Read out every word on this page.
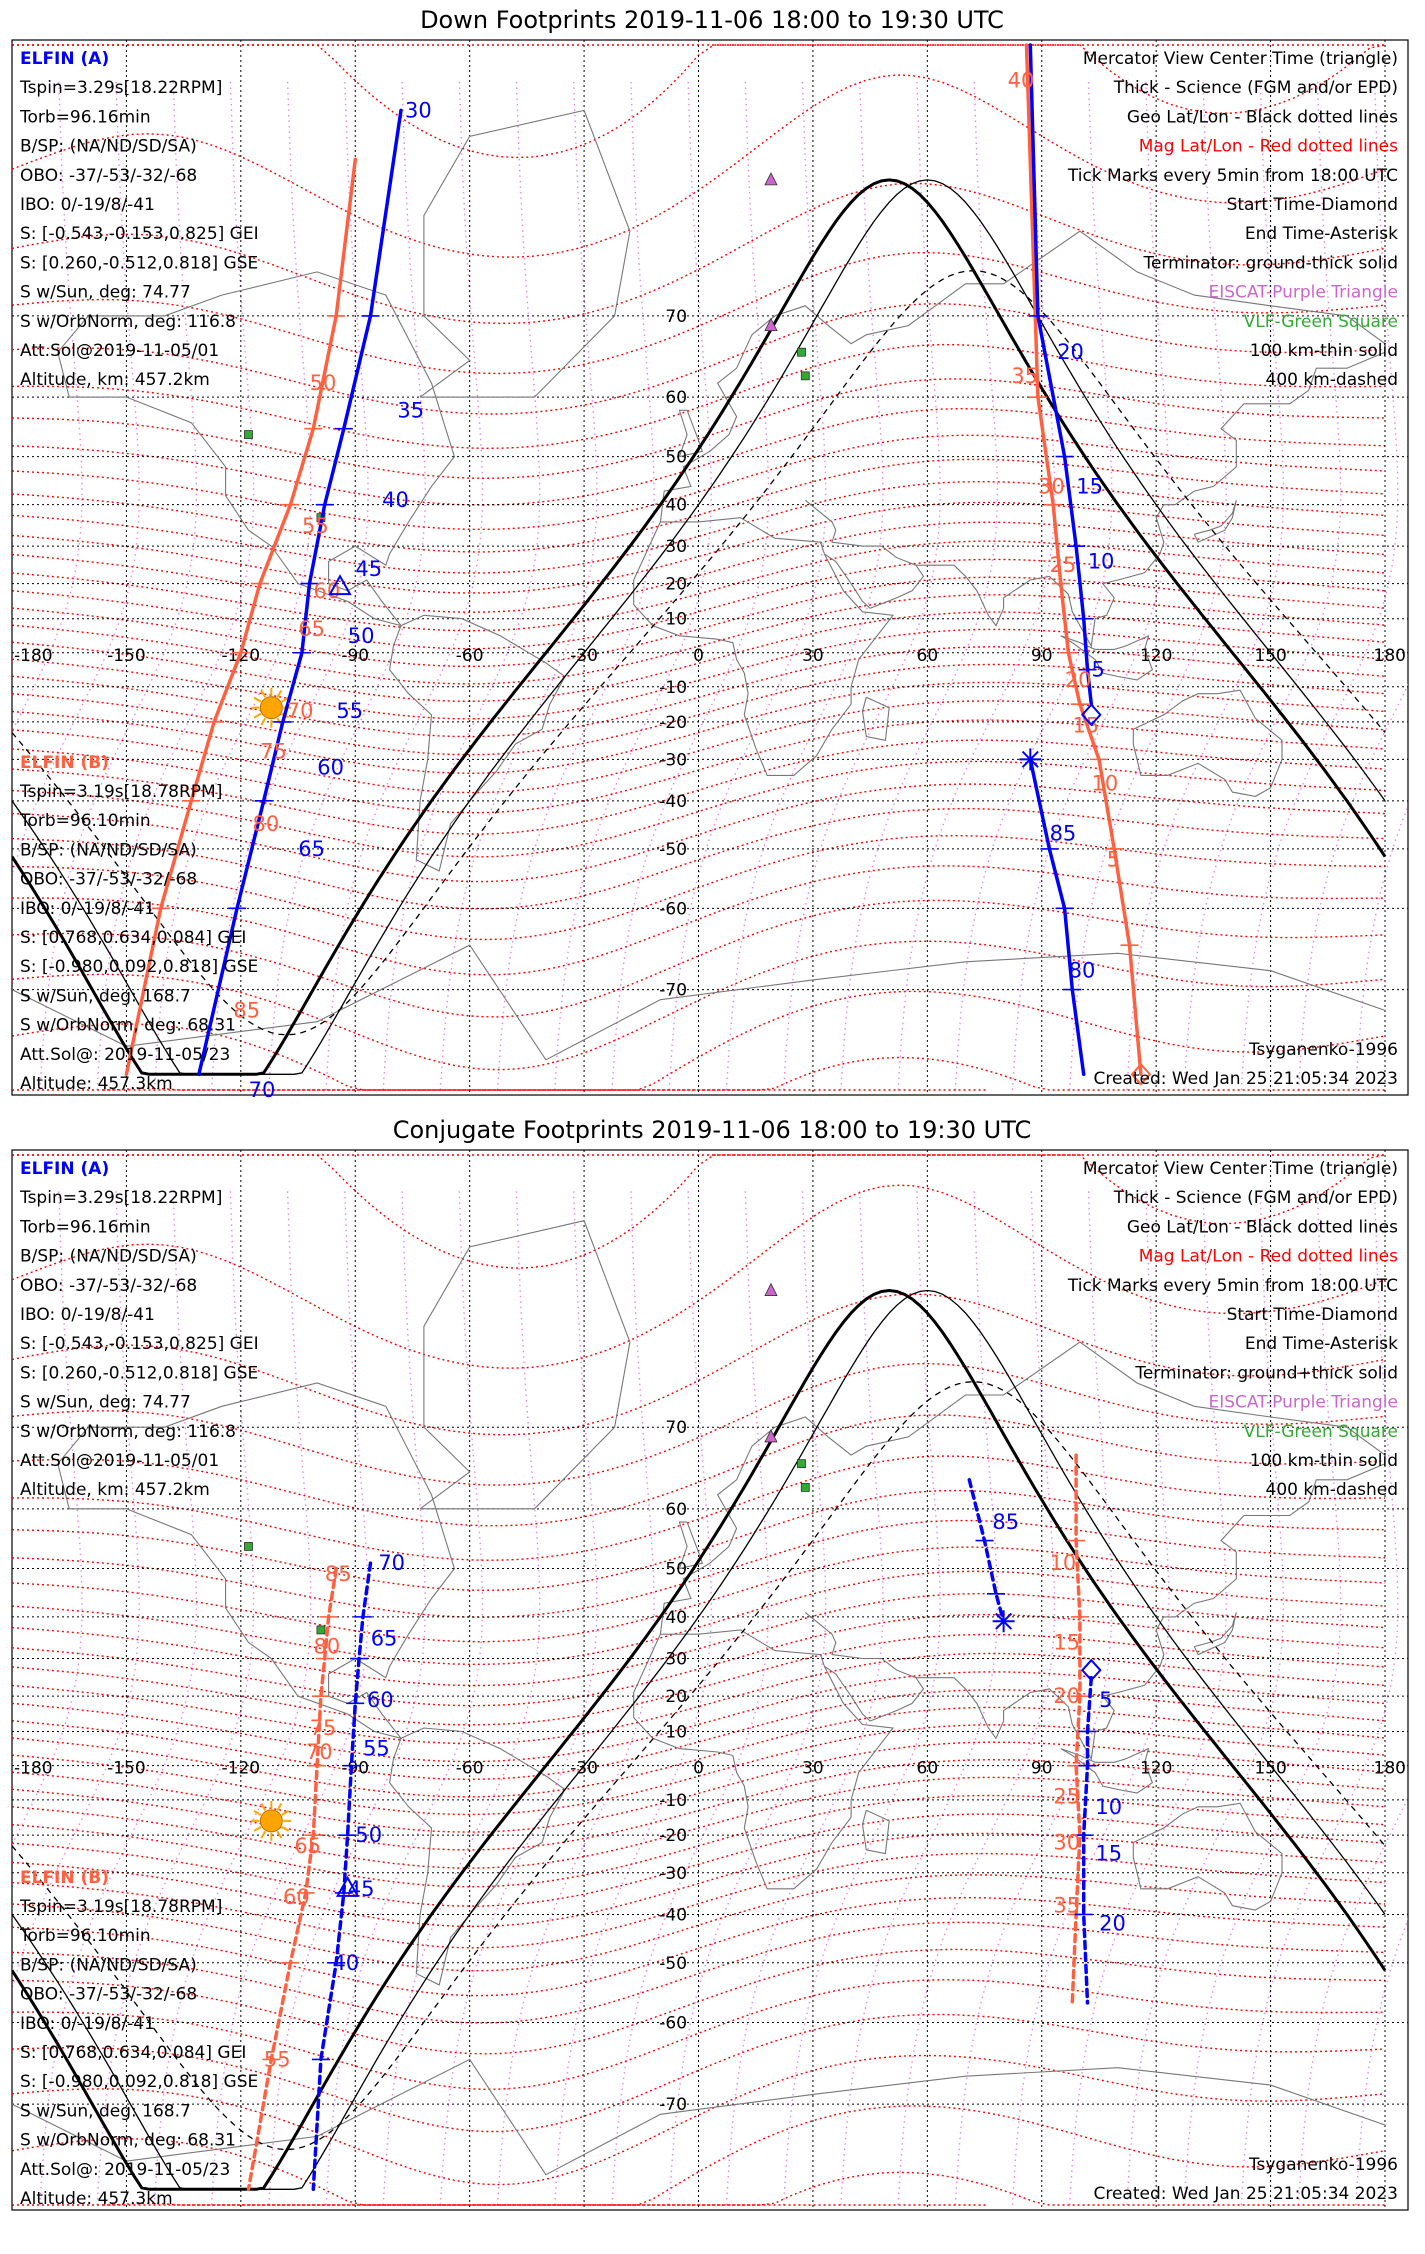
Down Footprints 2019-11-06 18:00 to 19:30 UTC
-180	-150	-120	-90	-60	-30	0	30	60	90	120	150	180
70
60
50
40
30
20
10
-10
-20
-30
-40
-50
-60
-70
50
55
60
65
70
75
80
85
30
35
40
45
50
55
60
65
70
40
35
30
25
20
15
10
5
20
15
10
5
85
80
ELFIN (A)
Tspin=3.29s[18.22RPM]
Torb=96.16min
B/SP: (NA/ND/SD/SA)
OBO: -37/-53/-32/-68
IBO: 0/-19/8/-41
S: [-0.543,-0.153,0.825] GEI
S: [0.260,-0.512,0.818] GSE
S w/Sun, deg: 74.77
S w/OrbNorm, deg: 116.8
Att.Sol@2019-11-05/01
Altitude, km: 457.2km
ELFIN (B)
Tspin=3.19s[18.78RPM]
Torb=96.10min
B/SP: (NA/ND/SD/SA)
OBO: -37/-53/-32/-68
IBO: 0/-19/8/-41
S: [0.768,0.634,0.084] GEI
S: [-0.980,0.092,0.818] GSE
S w/Sun, deg: 168.7
S w/OrbNorm, deg: 68.31
Att.Sol@: 2019-11-05/23
Altitude: 457.3km
Tsyganenko-1996
Created: Wed Jan 25 21:05:34 2023
Mercator View Center Time (triangle)
Thick - Science (FGM and/or EPD)
Geo Lat/Lon - Black dotted lines
Mag Lat/Lon - Red dotted lines
Tick Marks every 5min from 18:00 UTC
Start Time-Diamond
End Time-Asterisk
Terminator: ground-thick solid
EISCAT-Purple Triangle
VLF-Green Square
100 km-thin solid
400 km-dashed
Conjugate Footprints 2019-11-06 18:00 to 19:30 UTC
-180	-150	-120	-90	-60	-30	0	30	60	90	120	150	180
70
60
50
40
30
20
10
-10
-20
-30
-40
-50
-60
-70
85
80
75
70
65
60
55
70
65
60
55
50
45
40
10
15
20
25
30
35
85
5
10
15
20
ELFIN (A)
Tspin=3.29s[18.22RPM]
Torb=96.16min
B/SP: (NA/ND/SD/SA)
OBO: -37/-53/-32/-68
IBO: 0/-19/8/-41
S: [-0.543,-0.153,0.825] GEI
S: [0.260,-0.512,0.818] GSE
S w/Sun, deg: 74.77
S w/OrbNorm, deg: 116.8
Att.Sol@2019-11-05/01
Altitude, km: 457.2km
ELFIN (B)
Tspin=3.19s[18.78RPM]
Torb=96.10min
B/SP: (NA/ND/SD/SA)
OBO: -37/-53/-32/-68
IBO: 0/-19/8/-41
S: [0.768,0.634,0.084] GEI
S: [-0.980,0.092,0.818] GSE
S w/Sun, deg: 168.7
S w/OrbNorm, deg: 68.31
Att.Sol@: 2019-11-05/23
Altitude: 457.3km
Tsyganenko-1996
Created: Wed Jan 25 21:05:34 2023
Mercator View Center Time (triangle)
Thick - Science (FGM and/or EPD)
Geo Lat/Lon - Black dotted lines
Mag Lat/Lon - Red dotted lines
Tick Marks every 5min from 18:00 UTC
Start Time-Diamond
End Time-Asterisk
Terminator: ground+thick solid
EISCAT-Purple Triangle
VLF-Green Square
100 km-thin solid
400 km-dashed
